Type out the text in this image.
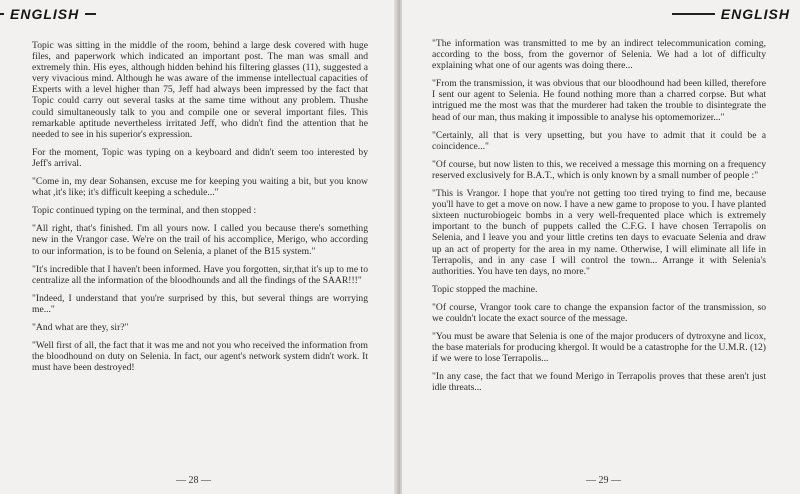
ENGLISH

Topic was sitting in the middle of the room, behind a large desk covered with huge files, and paperwork which indicated an important post. The man was small and extremely thin. His eyes, although hidden behind his filtering glasses (11), suggested a very vivacious mind. Although he was aware of the immense intellectual capacities of Experts with a level higher than 75, Jeff had always been impressed by the fact that Topic could carry out several tasks at the same time without any problem. Thushe could simultaneously talk to you and compile one or several important files. This remarkable aptitude nevertheless irritated Jeff, who didn't find the attention that he needed to see in his superior's expression.

For the moment, Topic was typing on a keyboard and didn't seem too interested by Jeff's arrival.

"Come in, my dear Sohansen, excuse me for keeping you waiting a bit, but you know what ,it's like; it's difficult keeping a schedule..."

Topic continued typing on the terminal, and then stopped :

"All right, that's finished. I'm all yours now. I called you because there's something new in the Vrangor case. We're on the trail of his accomplice, Merigo, who according to our information, is to be found on Selenia, a planet of the B15 system."

"It's incredible that I haven't been informed. Have you forgotten, sir,that it's up to me to centralize all the information of the bloodhounds and all the findings of the SAAR!!!"

"Indeed, I understand that you're surprised by this, but several things are worrying me..."

"And what are they, sir?"

"Well first of all, the fact that it was me and not you who received the information from the bloodhound on duty on Selenia. In fact, our agent's network system didn't work. It must have been destroyed!

— 28 —
ENGLISH

"The information was transmitted to me by an indirect telecommunication coming, according to the boss, from the governor of Selenia. We had a lot of difficulty explaining what one of our agents was doing there...

"From the transmission, it was obvious that our bloodhound had been killed, therefore I sent our agent to Selenia. He found nothing more than a charred corpse. But what intrigued me the most was that the murderer had taken the trouble to disintegrate the head of our man, thus making it impossible to analyse his optomemorizer..."

"Certainly, all that is very upsetting, but you have to admit that it could be a coincidence..."

"Of course, but now listen to this, we received a message this morning on a frequency reserved exclusively for B.A.T., which is only known by a small number of people :"

"This is Vrangor. I hope that you're not getting too tired trying to find me, because you'll have to get a move on now. I have a new game to propose to you. I have planted sixteen nucturobiogeic bombs in a very well-frequented place which is extremely important to the bunch of puppets called the C.F.G. I have chosen Terrapolis on Selenia, and I leave you and your little cretins ten days to evacuate Selenia and draw up an act of property for the area in my name. Otherwise, I will eliminate all life in Terrapolis, and in any case I will control the town... Arrange it with Selenia's authorities. You have ten days, no more."

Topic stopped the machine.

"Of course, Vrangor took care to change the expansion factor of the transmission, so we couldn't locate the exact source of the message.

"You must be aware that Selenia is one of the major producers of dytroxyne and licox, the base materials for producing khergol. It would be a catastrophe for the U.M.R. (12) if we were to lose Terrapolis...

"In any case, the fact that we found Merigo in Terrapolis proves that these aren't just idle threats...

— 29 —
